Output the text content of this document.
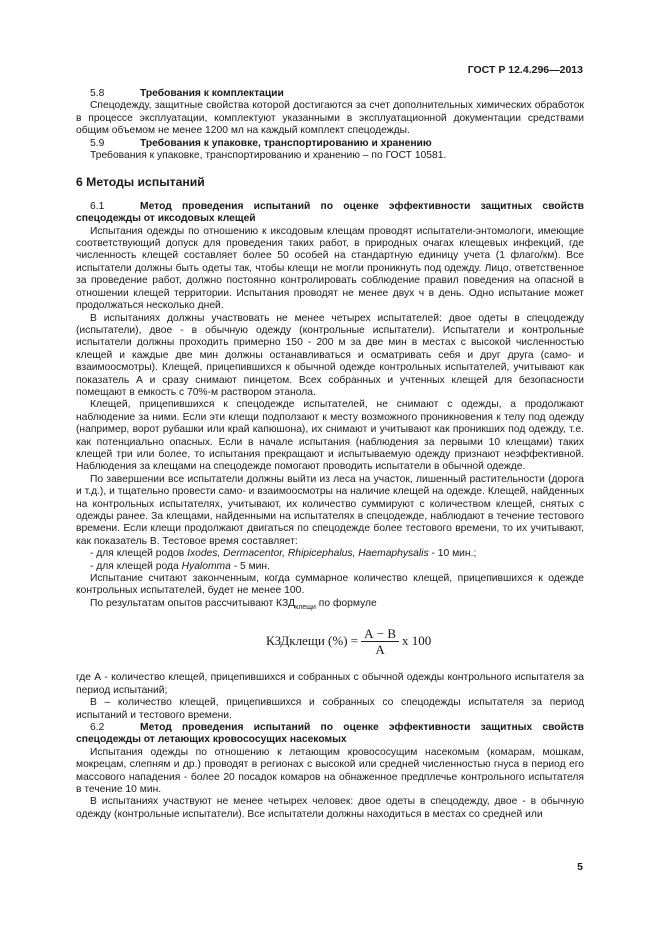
ГОСТ Р 12.4.296—2013
5.8	Требования к комплектации

Спецодежду, защитные свойства которой достигаются за счет дополнительных химических обработок в процессе эксплуатации, комплектуют указанными в эксплуатационной документации средствами общим объемом не менее 1200 мл на каждый комплект спецодежды.

5.9	Требования к упаковке, транспортированию и хранению

Требования к упаковке, транспортированию и хранению – по ГОСТ 10581.

6 Методы испытаний

6.1	Метод проведения испытаний по оценке эффективности защитных свойств спецодежды от иксодовых клещей

Испытания одежды по отношению к иксодовым клещам проводят испытатели-энтомологи, имеющие соответствующий допуск для проведения таких работ, в природных очагах клещевых инфекций, где численность клещей составляет более 50 особей на стандартную единицу учета (1 флаго/км). Все испытатели должны быть одеты так, чтобы клещи не могли проникнуть под одежду. Лицо, ответственное за проведение работ, должно постоянно контролировать соблюдение правил поведения на опасной в отношении клещей территории. Испытания проводят не менее двух ч в день. Одно испытание может продолжаться несколько дней.

В испытаниях должны участвовать не менее четырех испытателей: двое одеты в спецодежду (испытатели), двое - в обычную одежду (контрольные испытатели). Испытатели и контрольные испытатели должны проходить примерно 150 - 200 м за две мин в местах с высокой численностью клещей и каждые две мин должны останавливаться и осматривать себя и друг друга (само- и взаимоосмотры). Клещей, прицепившихся к обычной одежде контрольных испытателей, учитывают как показатель А и сразу снимают пинцетом. Всех собранных и учтенных клещей для безопасности помещают в емкость с 70%-м раствором этанола.

Клещей, прицепившихся к спецодежде испытателей, не снимают с одежды, а продолжают наблюдение за ними. Если эти клещи подползают к месту возможного проникновения к телу под одежду (например, ворот рубашки или край капюшона), их снимают и учитывают как проникших под одежду, т.е. как потенциально опасных. Если в начале испытания (наблюдения за первыми 10 клещами) таких клещей три или более, то испытания прекращают и испытываемую одежду признают неэффективной. Наблюдения за клещами на спецодежде помогают проводить испытатели в обычной одежде.

По завершении все испытатели должны выйти из леса на участок, лишенный растительности (дорога и т.д.), и тщательно провести само- и взаимоосмотры на наличие клещей на одежде. Клещей, найденных на контрольных испытателях, учитывают, их количество суммируют с количеством клещей, снятых с одежды ранее. За клещами, найденными на испытателях в спецодежде, наблюдают в течение тестового времени. Если клещи продолжают двигаться по спецодежде более тестового времени, то их учитывают, как показатель В. Тестовое время составляет:

- для клещей родов Ixodes, Dermacentor, Rhipicephalus, Haemaphysalis - 10 мин.;

- для клещей рода Hyalomma - 5 мин.

Испытание считают законченным, когда суммарное количество клещей, прицепившихся к одежде контрольных испытателей, будет не менее 100.

По результатам опытов рассчитывают $КЗД_{клещи}$ по формуле

КЗДклещи (%) = $\frac{А - В}{А}$ х 100

где А - количество клещей, прицепившихся и собранных с обычной одежды контрольного испытателя за период испытаний;

В – количество клещей, прицепившихся и собранных со спецодежды испытателя за период испытаний и тестового времени.

6.2	Метод проведения испытаний по оценке эффективности защитных свойств спецодежды от летающих кровососущих насекомых

Испытания одежды по отношению к летающим кровососущим насекомым (комарам, мошкам, мокрецам, слепням и др.) проводят в регионах с высокой или средней численностью гнуса в период его массового нападения - более 20 посадок комаров на обнаженное предплечье контрольного испытателя в течение 10 мин.

В испытаниях участвуют не менее четырех человек: двое одеты в спецодежду, двое - в обычную одежду (контрольные испытатели). Все испытатели должны находиться в местах со средней или

5
